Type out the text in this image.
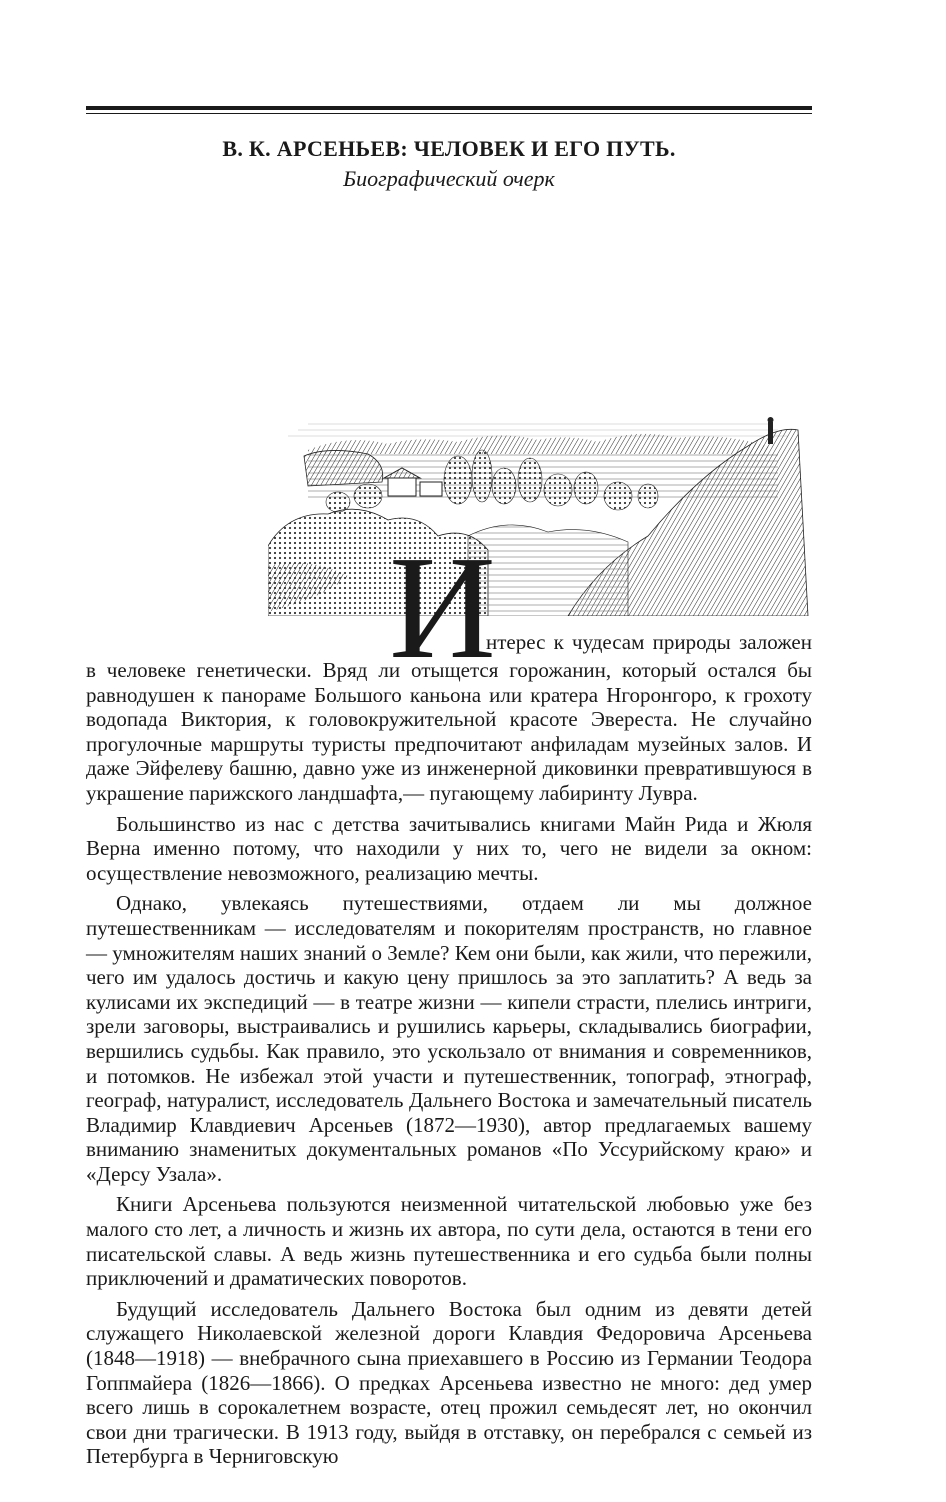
В. К. АРСЕНЬЕВ: ЧЕЛОВЕК И ЕГО ПУТЬ.
Биографический очерк
И
нтерес к чудесам природы заложен

в человеке генетически. Вряд ли отыщется горожанин, который остался бы равнодушен к панораме Большого каньона или кратера Нгоронгоро, к грохоту водопада Виктория, к головокружительной красоте Эвереста. Не случайно прогулочные маршруты туристы предпочитают анфиладам музейных залов. И даже Эйфелеву башню, давно уже из инженерной диковинки превратившуюся в украшение парижского ландшафта,— пугающему лабиринту Лувра.

Большинство из нас с детства зачитывались книгами Майн Рида и Жюля Верна именно потому, что находили у них то, чего не видели за окном: осуществление невозможного, реализацию мечты.

Однако, увлекаясь путешествиями, отдаем ли мы должное путешественникам — исследователям и покорителям пространств, но главное — умножителям наших знаний о Земле? Кем они были, как жили, что пережили, чего им удалось достичь и какую цену пришлось за это заплатить? А ведь за кулисами их экспедиций — в театре жизни — кипели страсти, плелись интриги, зрели заговоры, выстраивались и рушились карьеры, складывались биографии, вершились судьбы. Как правило, это ускользало от внимания и современников, и потомков. Не избежал этой участи и путешественник, топограф, этнограф, географ, натуралист, исследователь Дальнего Востока и замечательный писатель Владимир Клавдиевич Арсеньев (1872—1930), автор предлагаемых вашему вниманию знаменитых документальных романов «По Уссурийскому краю» и «Дерсу Узала».

Книги Арсеньева пользуются неизменной читательской любовью уже без малого сто лет, а личность и жизнь их автора, по сути дела, остаются в тени его писательской славы. А ведь жизнь путешественника и его судьба были полны приключений и драматических поворотов.

Будущий исследователь Дальнего Востока был одним из девяти детей служащего Николаевской железной дороги Клавдия Федоровича Арсеньева (1848—1918) — внебрачного сына приехавшего в Россию из Германии Теодора Гоппмайера (1826—1866). О предках Арсеньева известно не много: дед умер всего лишь в сорокалетнем возрасте, отец прожил семьдесят лет, но окончил свои дни трагически. В 1913 году, выйдя в отставку, он перебрался с семьей из Петербурга в Черниговскую
